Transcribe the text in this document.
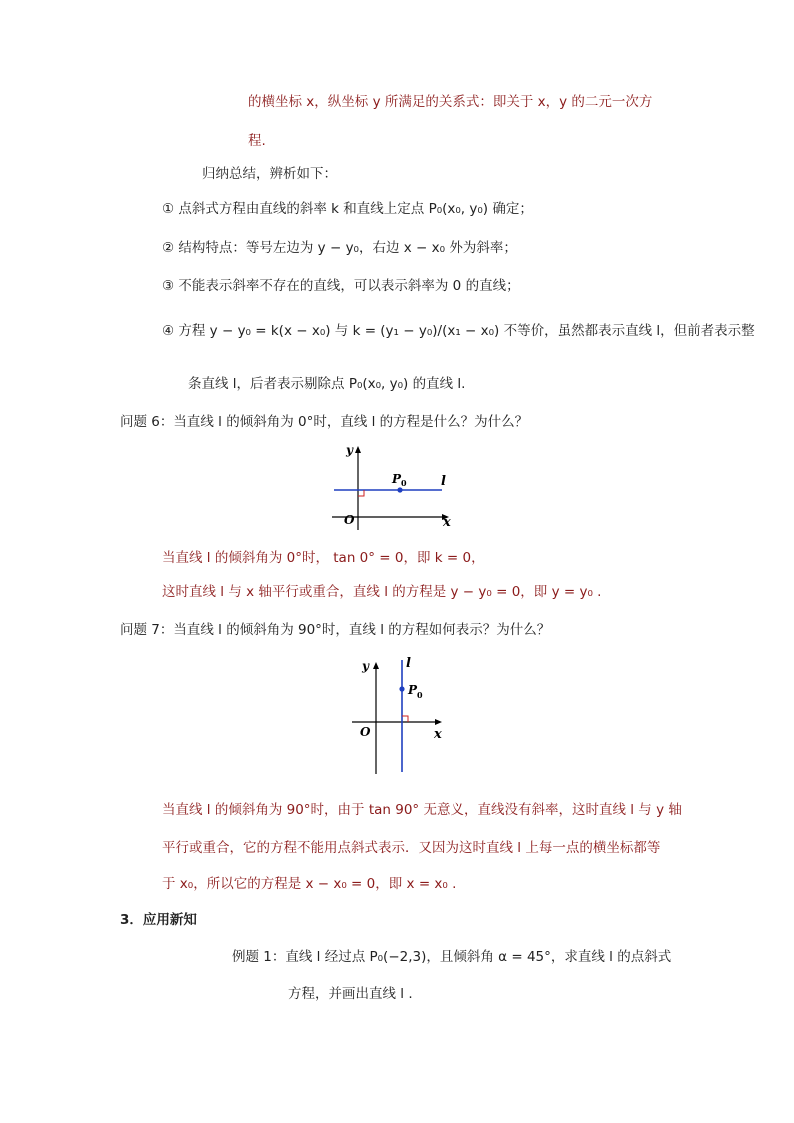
的横坐标 x，纵坐标 y 所满足的关系式：即关于 x，y 的二元一次方
程.
归纳总结，辨析如下：
① 点斜式方程由直线的斜率 k 和直线上定点 P₀(x₀, y₀) 确定；
② 结构特点：等号左边为 y − y₀，右边 x − x₀ 外为斜率；
③ 不能表示斜率不存在的直线，可以表示斜率为 0 的直线；
④ 方程 y − y₀ = k(x − x₀) 与 k = (y₁ − y₀)/(x₁ − x₀) 不等价，虽然都表示直线 l，但前者表示整
条直线 l，后者表示剔除点 P₀(x₀, y₀) 的直线 l.
问题 6：当直线 l 的倾斜角为 0°时，直线 l 的方程是什么？为什么？
y
x
O
P 0	l
当直线 l 的倾斜角为 0°时， tan 0° = 0，即 k = 0，
这时直线 l 与 x 轴平行或重合，直线 l 的方程是 y − y₀ = 0，即 y = y₀ .
问题 7：当直线 l 的倾斜角为 90°时，直线 l 的方程如何表示？为什么？
y
x
O
P 0
l
当直线 l 的倾斜角为 90°时，由于 tan 90° 无意义，直线没有斜率，这时直线 l 与 y 轴
平行或重合，它的方程不能用点斜式表示．又因为这时直线 l 上每一点的横坐标都等
于 x₀，所以它的方程是 x − x₀ = 0，即 x = x₀ .
3．应用新知
例题 1：直线 l 经过点 P₀(−2,3)，且倾斜角 α = 45°，求直线 l 的点斜式
方程，并画出直线 l .
